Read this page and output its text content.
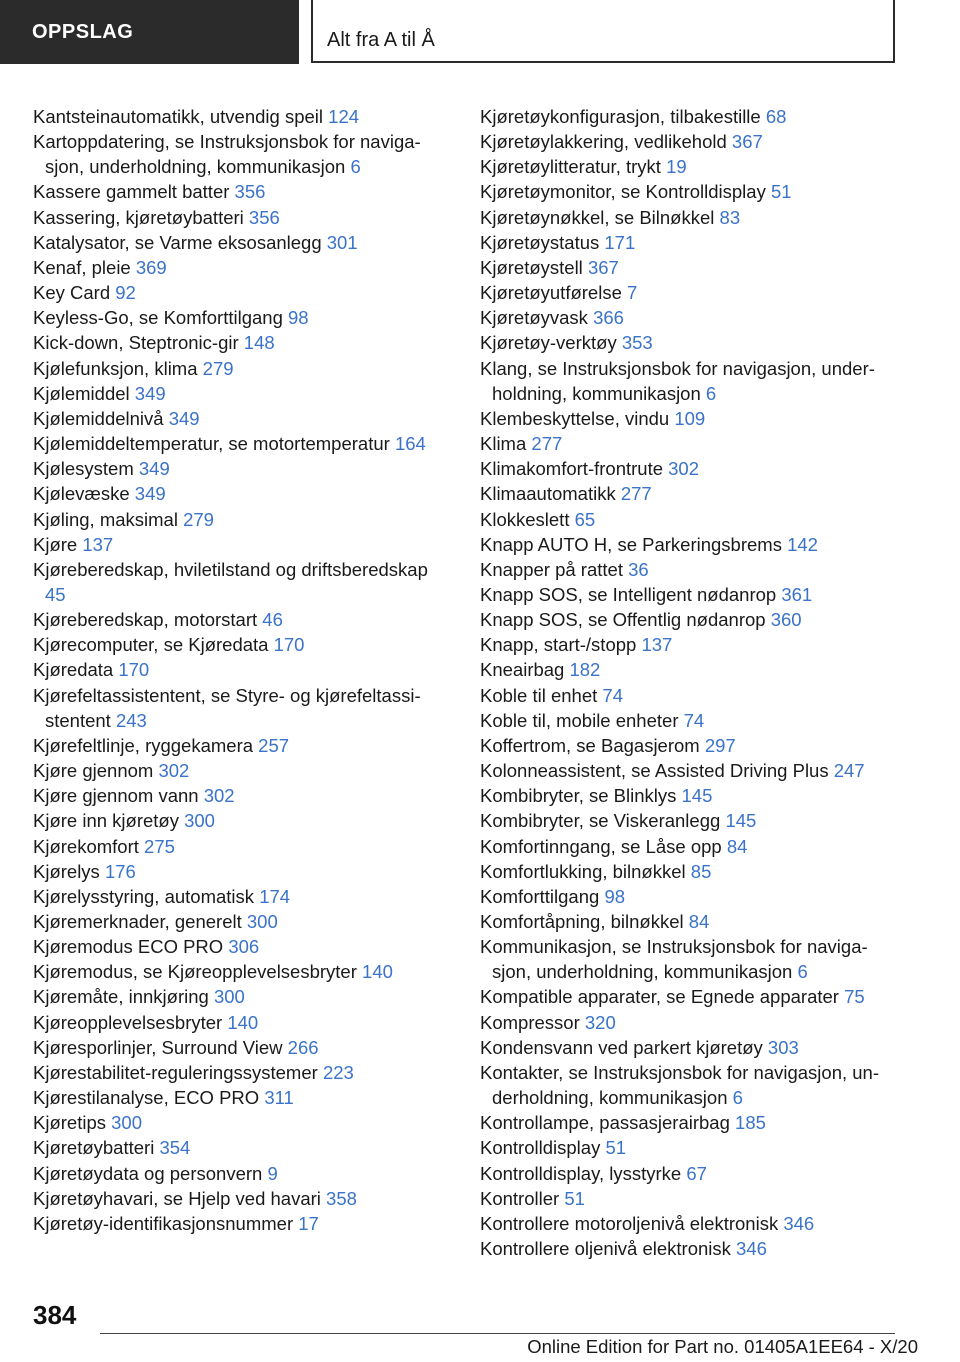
OPPSLAG	Alt fra A til Å
Kantsteinautomatikk, utvendig speil 124
Kartoppdatering, se Instruksjonsbok for navigasjon, underholdning, kommunikasjon 6
Kassere gammelt batter 356
Kassering, kjøretøybatteri 356
Katalysator, se Varme eksosanlegg 301
Kenaf, pleie 369
Key Card 92
Keyless-Go, se Komforttilgang 98
Kick-down, Steptronic-gir 148
Kjølefunksjon, klima 279
Kjølemiddel 349
Kjølemiddelnivå 349
Kjølemiddeltemperatur, se motortemperatur 164
Kjølesystem 349
Kjølevæske 349
Kjøling, maksimal 279
Kjøre 137
Kjøreberedskap, hviletilstand og driftsberedskap 45
Kjøreberedskap, motorstart 46
Kjørecomputer, se Kjøredata 170
Kjøredata 170
Kjørefeltassistentent, se Styre- og kjørefeltassistentent 243
Kjørefeltlinje, ryggekamera 257
Kjøre gjennom 302
Kjøre gjennom vann 302
Kjøre inn kjøretøy 300
Kjørekomfort 275
Kjørelys 176
Kjørelysstyring, automatisk 174
Kjøremerknader, generelt 300
Kjøremodus ECO PRO 306
Kjøremodus, se Kjøreopplevelsesbryter 140
Kjøremåte, innkjøring 300
Kjøreopplevelsesbryter 140
Kjøresporlinjer, Surround View 266
Kjørestabilitet-reguleringssystemer 223
Kjørestilanalyse, ECO PRO 311
Kjøretips 300
Kjøretøybatteri 354
Kjøretøydata og personvern 9
Kjøretøyhavari, se Hjelp ved havari 358
Kjøretøy-identifikasjonsnummer 17
Kjøretøykonfigurasjon, tilbakestille 68
Kjøretøylakkering, vedlikehold 367
Kjøretøylitteratur, trykt 19
Kjøretøymonitor, se Kontrolldisplay 51
Kjøretøynøkkel, se Bilnøkkel 83
Kjøretøystatus 171
Kjøretøystell 367
Kjøretøyutførelse 7
Kjøretøyvask 366
Kjøretøy-verktøy 353
Klang, se Instruksjonsbok for navigasjon, underholdning, kommunikasjon 6
Klembeskyttelse, vindu 109
Klima 277
Klimakomfort-frontrute 302
Klimaautomatikk 277
Klokkeslett 65
Knapp AUTO H, se Parkeringsbrems 142
Knapper på rattet 36
Knapp SOS, se Intelligent nødanrop 361
Knapp SOS, se Offentlig nødanrop 360
Knapp, start-/stopp 137
Kneairbag 182
Koble til enhet 74
Koble til, mobile enheter 74
Koffertrom, se Bagasjerom 297
Kolonneassistent, se Assisted Driving Plus 247
Kombibryter, se Blinklys 145
Kombibryter, se Viskeranlegg 145
Komfortinngang, se Låse opp 84
Komfortlukking, bilnøkkel 85
Komforttilgang 98
Komfortåpning, bilnøkkel 84
Kommunikasjon, se Instruksjonsbok for navigasjon, underholdning, kommunikasjon 6
Kompatible apparater, se Egnede apparater 75
Kompressor 320
Kondensvann ved parkert kjøretøy 303
Kontakter, se Instruksjonsbok for navigasjon, underholdning, kommunikasjon 6
Kontrollampe, passasjerairbag 185
Kontrolldisplay 51
Kontrolldisplay, lysstyrke 67
Kontroller 51
Kontrollere motoroljenivå elektronisk 346
Kontrollere oljenivå elektronisk 346
384
Online Edition for Part no. 01405A1EE64 - X/20
